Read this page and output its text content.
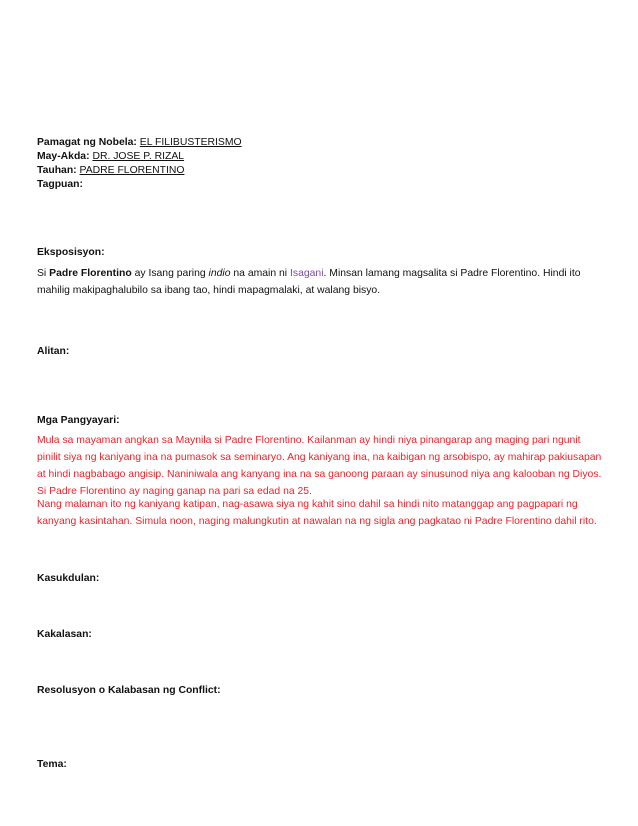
Pamagat ng Nobela: EL FILIBUSTERISMO
May-Akda: DR. JOSE P. RIZAL
Tauhan: PADRE FLORENTINO
Tagpuan:
Eksposisyon:
Si Padre Florentino ay Isang paring indio na amain ni Isagani. Minsan lamang magsalita si Padre Florentino. Hindi ito mahilig makipaghalubilo sa ibang tao, hindi mapagmalaki, at walang bisyo.
Alitan:
Mga Pangyayari:
Mula sa mayaman angkan sa Maynila si Padre Florentino. Kailanman ay hindi niya pinangarap ang maging pari ngunit pinilit siya ng kaniyang ina na pumasok sa seminaryo. Ang kaniyang ina, na kaibigan ng arsobispo, ay mahirap pakiusapan at hindi nagbabago angisip. Naniniwala ang kanyang ina na sa ganoong paraan ay sinusunod niya ang kalooban ng Diyos. Si Padre Florentino ay naging ganap na pari sa edad na 25.
Nang malaman ito ng kaniyang katipan, nag-asawa siya ng kahit sino dahil sa hindi nito matanggap ang pagpapari ng kanyang kasintahan. Simula noon, naging malungkutin at nawalan na ng sigla ang pagkatao ni Padre Florentino dahil rito.
Kasukdulan:
Kakalasan:
Resolusyon o Kalabasan ng Conflict:
Tema:
